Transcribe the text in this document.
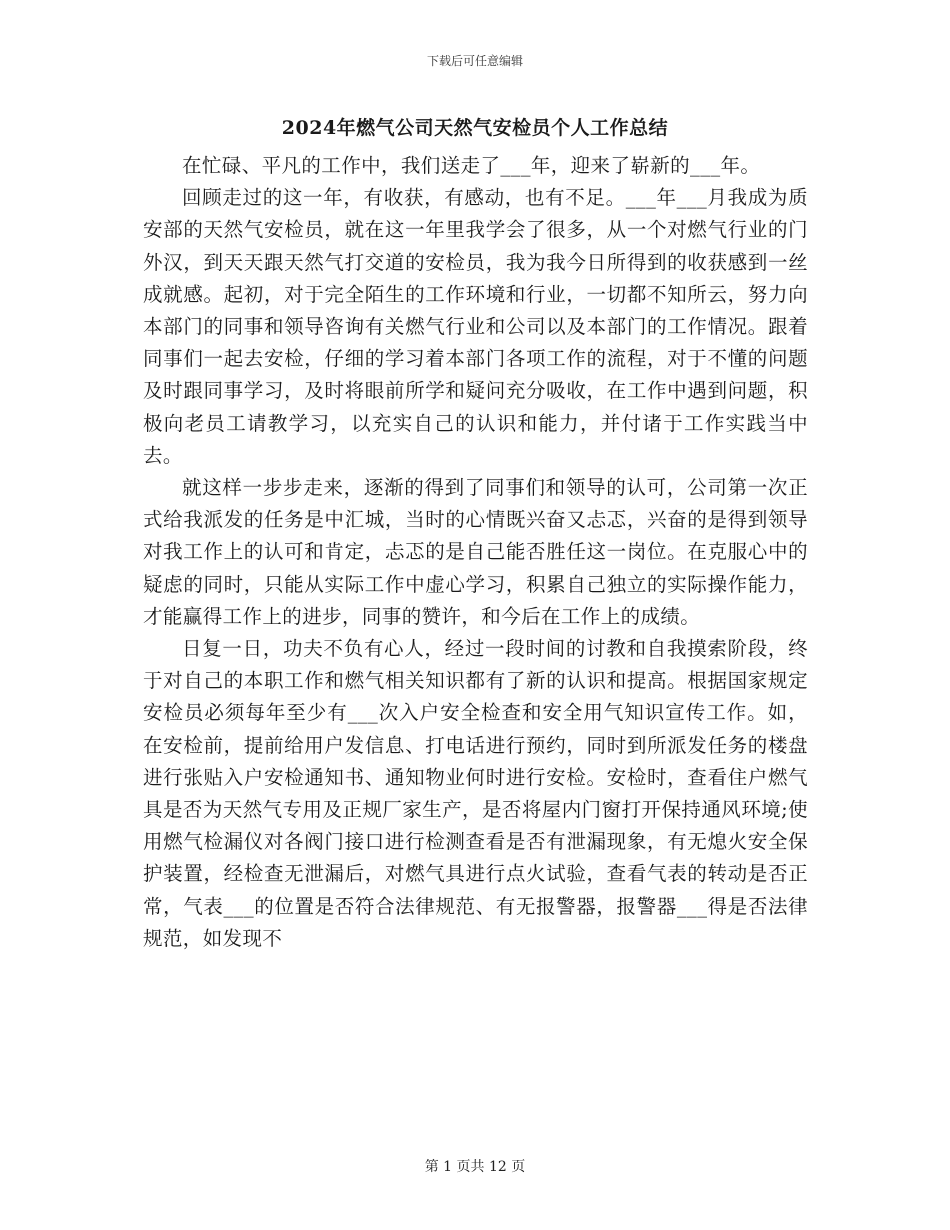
下载后可任意编辑
2024年燃气公司天然气安检员个人工作总结

在忙碌、平凡的工作中，我们送走了___年，迎来了崭新的___年。

回顾走过的这一年，有收获，有感动，也有不足。___年___月我成为质安部的天然气安检员，就在这一年里我学会了很多，从一个对燃气行业的门外汉，到天天跟天然气打交道的安检员，我为我今日所得到的收获感到一丝成就感。起初，对于完全陌生的工作环境和行业，一切都不知所云，努力向本部门的同事和领导咨询有关燃气行业和公司以及本部门的工作情况。跟着同事们一起去安检，仔细的学习着本部门各项工作的流程，对于不懂的问题及时跟同事学习，及时将眼前所学和疑问充分吸收，在工作中遇到问题，积极向老员工请教学习，以充实自己的认识和能力，并付诸于工作实践当中去。

就这样一步步走来，逐渐的得到了同事们和领导的认可，公司第一次正式给我派发的任务是中汇城，当时的心情既兴奋又忐忑，兴奋的是得到领导对我工作上的认可和肯定，忐忑的是自己能否胜任这一岗位。在克服心中的疑虑的同时，只能从实际工作中虚心学习，积累自己独立的实际操作能力，才能赢得工作上的进步，同事的赞许，和今后在工作上的成绩。

日复一日，功夫不负有心人，经过一段时间的讨教和自我摸索阶段，终于对自己的本职工作和燃气相关知识都有了新的认识和提高。根据国家规定安检员必须每年至少有___次入户安全检查和安全用气知识宣传工作。如，在安检前，提前给用户发信息、打电话进行预约，同时到所派发任务的楼盘进行张贴入户安检通知书、通知物业何时进行安检。安检时，查看住户燃气具是否为天然气专用及正规厂家生产，是否将屋内门窗打开保持通风环境;使用燃气检漏仪对各阀门接口进行检测查看是否有泄漏现象，有无熄火安全保护装置，经检查无泄漏后，对燃气具进行点火试验，查看气表的转动是否正常，气表___的位置是否符合法律规范、有无报警器，报警器___得是否法律规范，如发现不

第 1 页共 12 页
